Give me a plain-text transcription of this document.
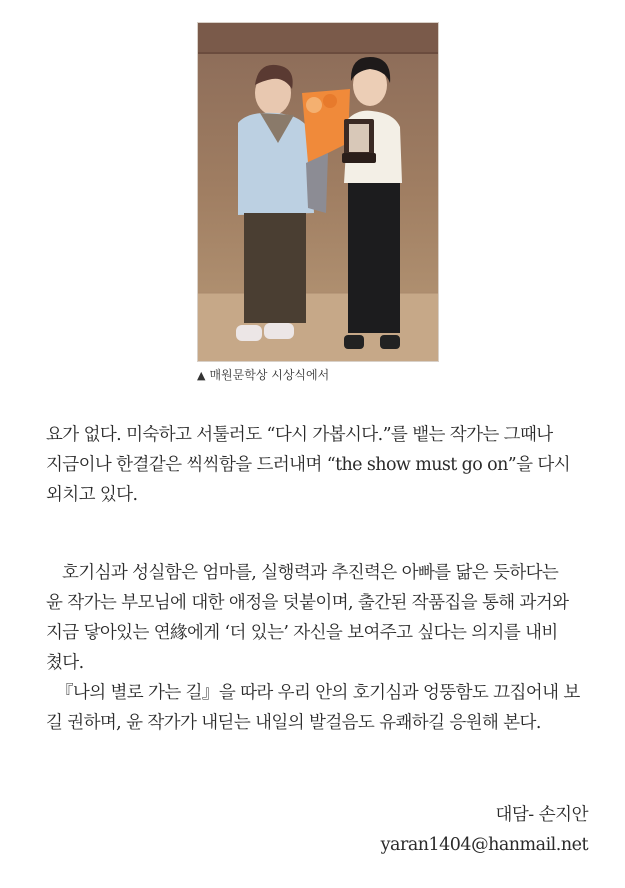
▲ 매원문학상 시상식에서

요가 없다. 미숙하고 서툴러도 “다시 가봅시다.”를 뱉는 작가는 그때나

지금이나 한결같은 씩씩함을 드러내며 “the show must go on”을 다시

외치고 있다.

호기심과 성실함은 엄마를, 실행력과 추진력은 아빠를 닮은 듯하다는

윤 작가는 부모님에 대한 애정을 덧붙이며, 출간된 작품집을 통해 과거와

지금 닿아있는 연緣에게 ‘더 있는’ 자신을 보여주고 싶다는 의지를 내비

쳤다.

『나의 별로 가는 길』을 따라 우리 안의 호기심과 엉뚱함도 끄집어내 보

길 권하며, 윤 작가가 내딛는 내일의 발걸음도 유쾌하길 응원해 본다.

대담- 손지안
yaran1404@hanmail.net
